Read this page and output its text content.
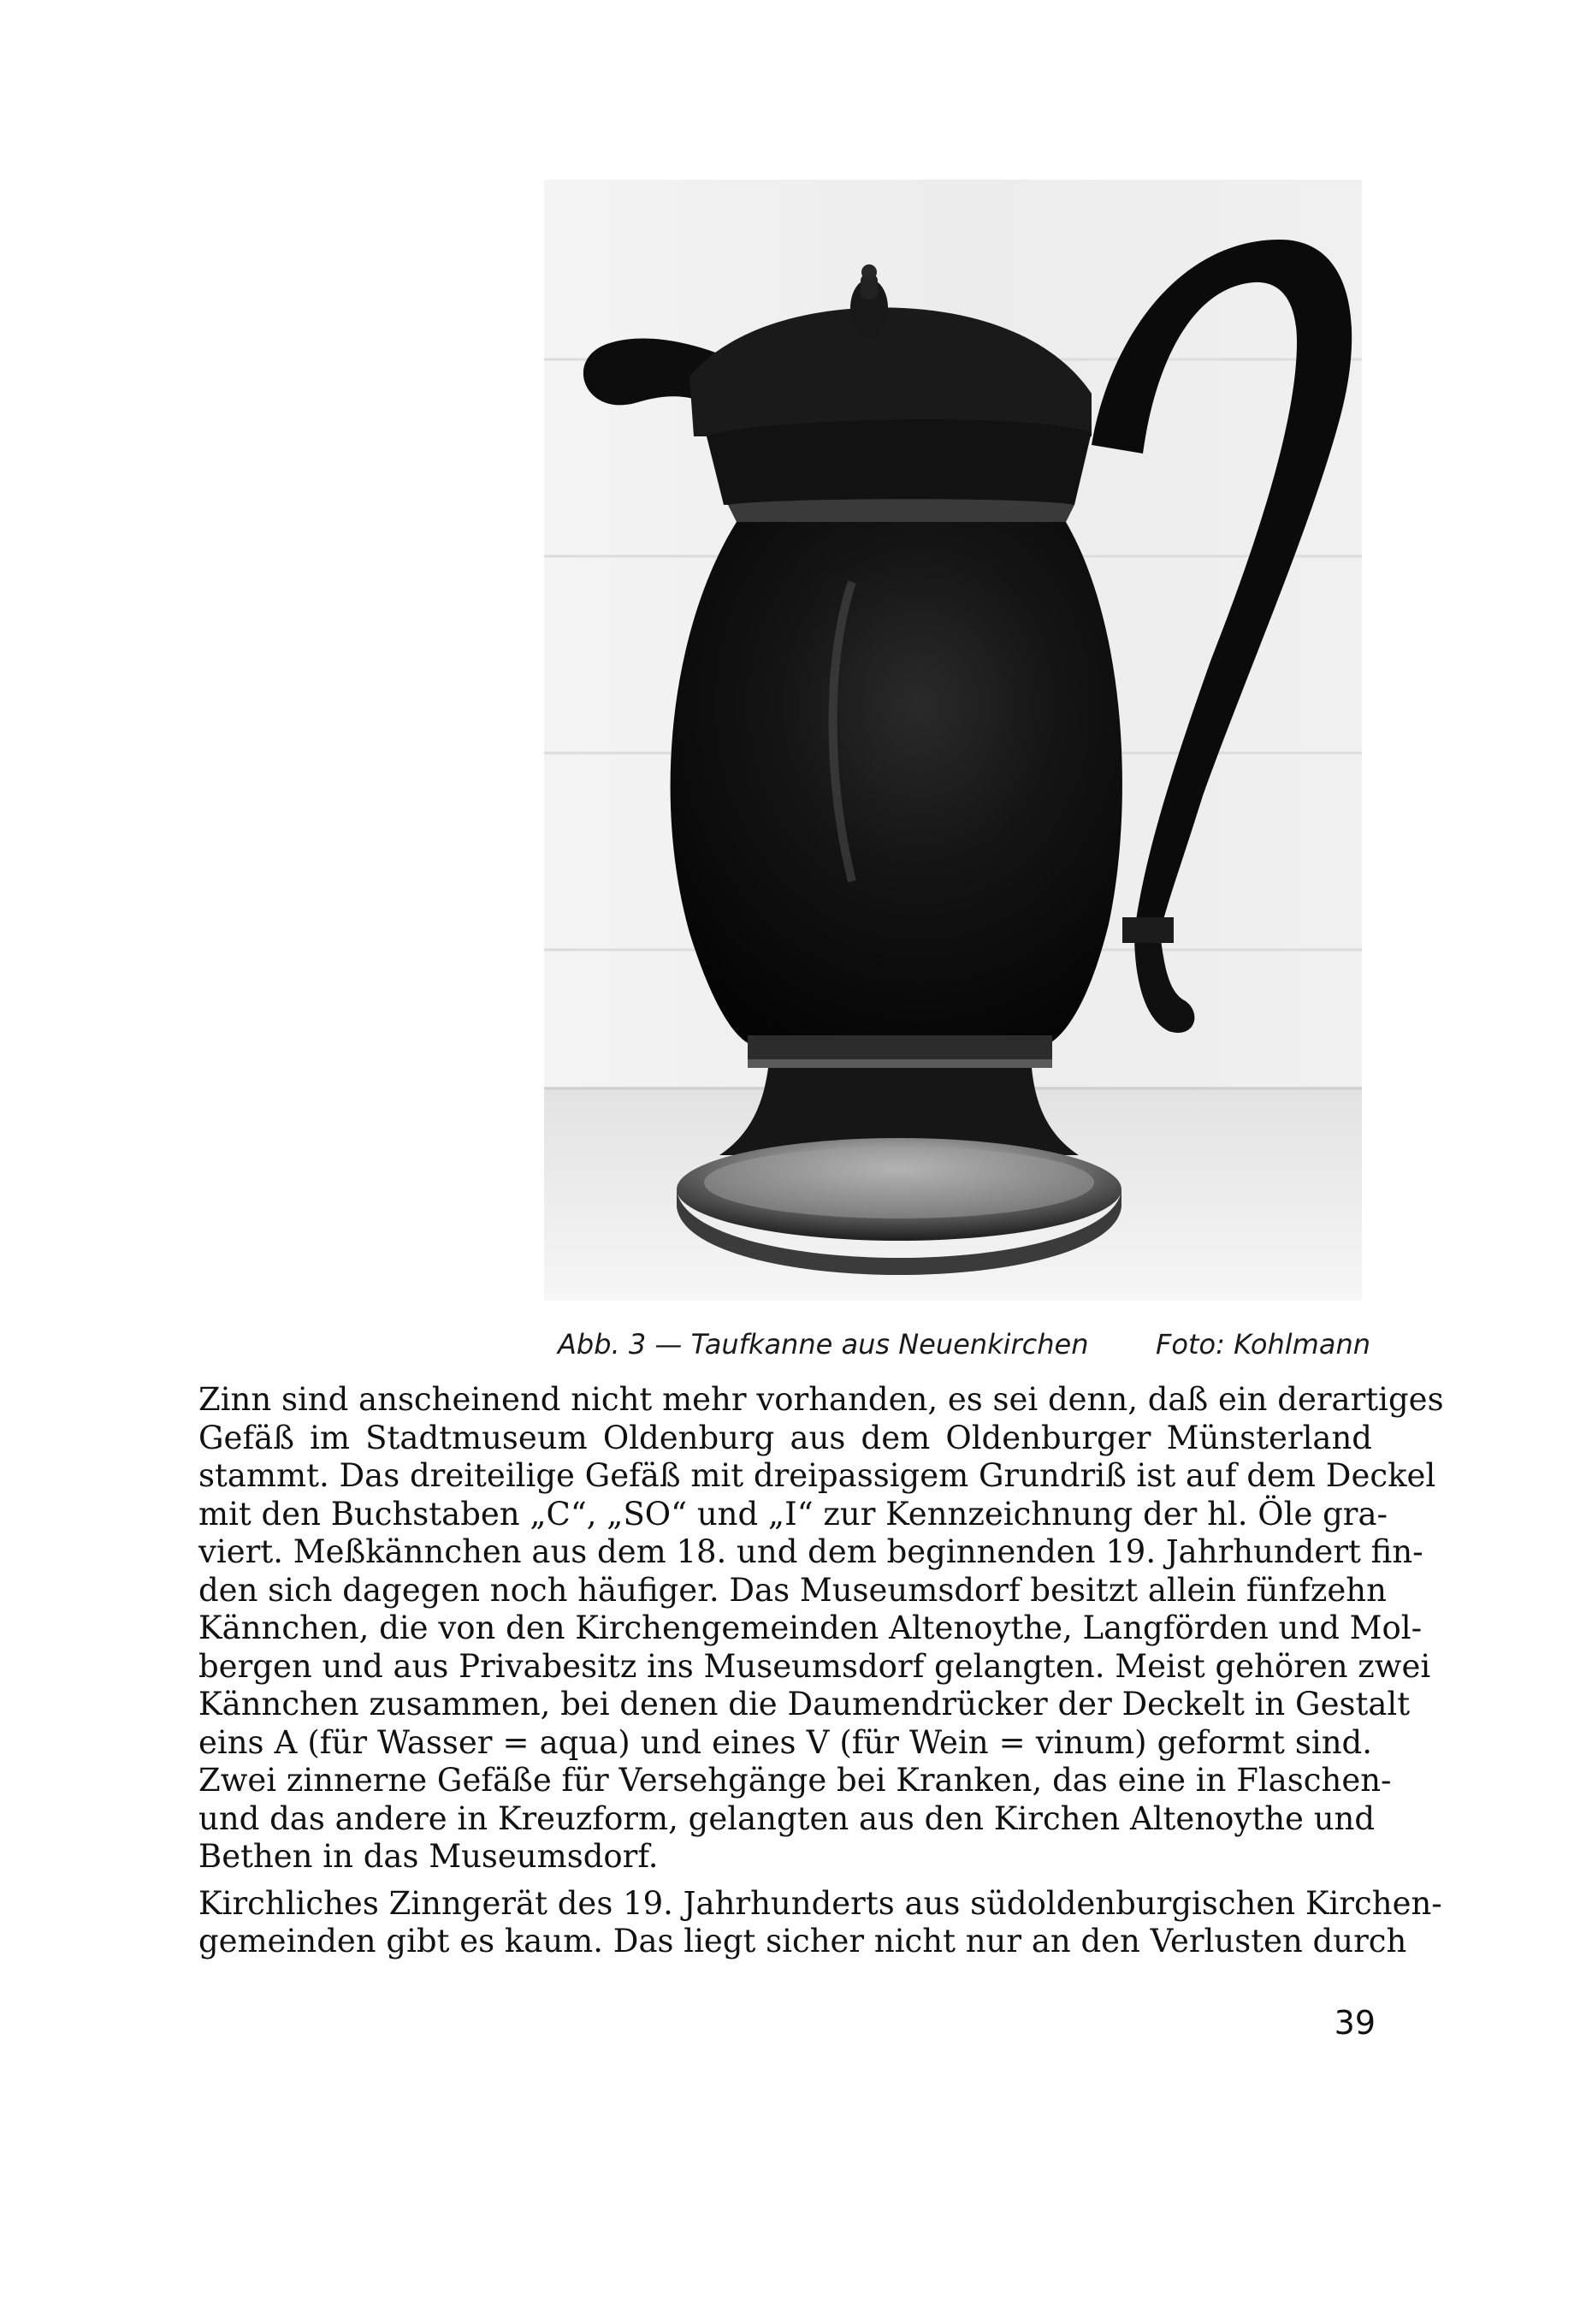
Abb. 3 — Taufkanne aus Neuenkirchen Foto: Kohlmann
Zinn sind anscheinend nicht mehr vorhanden, es sei denn, daß ein derartiges
Gefäß im Stadtmuseum Oldenburg aus dem Oldenburger Münsterland
stammt. Das dreiteilige Gefäß mit dreipassigem Grundriß ist auf dem Deckel
mit den Buchstaben „C“, „SO“ und „I“ zur Kennzeichnung der hl. Öle gra-
viert. Meßkännchen aus dem 18. und dem beginnenden 19. Jahrhundert fin-
den sich dagegen noch häufiger. Das Museumsdorf besitzt allein fünfzehn
Kännchen, die von den Kirchengemeinden Altenoythe, Langförden und Mol-
bergen und aus Privabesitz ins Museumsdorf gelangten. Meist gehören zwei
Kännchen zusammen, bei denen die Daumendrücker der Deckelt in Gestalt
eins A (für Wasser = aqua) und eines V (für Wein = vinum) geformt sind.
Zwei zinnerne Gefäße für Versehgänge bei Kranken, das eine in Flaschen-
und das andere in Kreuzform, gelangten aus den Kirchen Altenoythe und
Bethen in das Museumsdorf.
Kirchliches Zinngerät des 19. Jahrhunderts aus südoldenburgischen Kirchen-
gemeinden gibt es kaum. Das liegt sicher nicht nur an den Verlusten durch
39
